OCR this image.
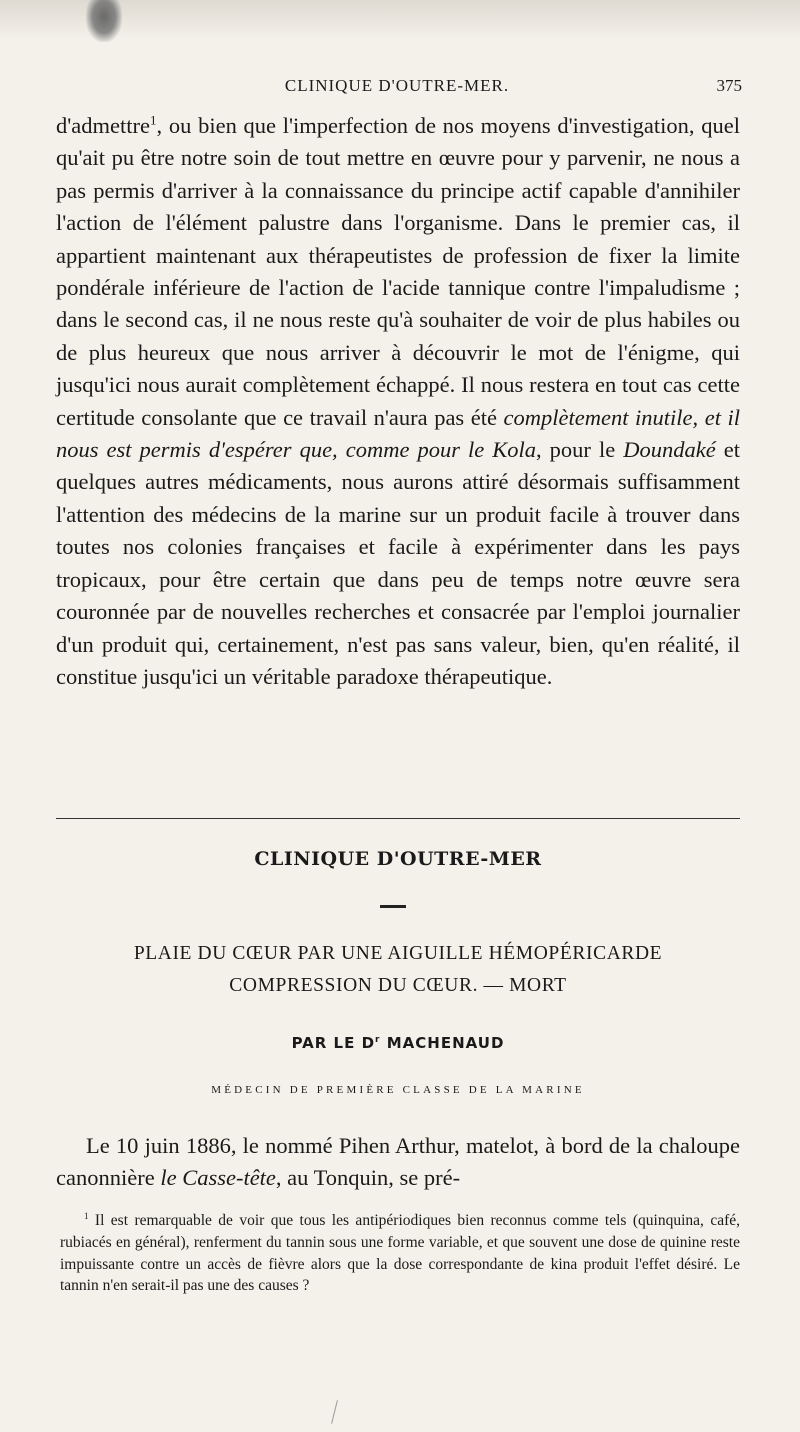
CLINIQUE D'OUTRE-MER.	375

d'admettre$^1$, ou bien que l'imperfection de nos moyens d'investigation, quel qu'ait pu être notre soin de tout mettre en œuvre pour y parvenir, ne nous a pas permis d'arriver à la connaissance du principe actif capable d'annihiler l'action de l'élément palustre dans l'organisme. Dans le premier cas, il appartient maintenant aux thérapeutistes de profession de fixer la limite pondérale inférieure de l'action de l'acide tannique contre l'impaludisme ; dans le second cas, il ne nous reste qu'à souhaiter de voir de plus habiles ou de plus heureux que nous arriver à découvrir le mot de l'énigme, qui jusqu'ici nous aurait complètement échappé. Il nous restera en tout cas cette certitude consolante que ce travail n'aura pas été complètement inutile, et il nous est permis d'espérer que, comme pour le Kola, pour le Doundaké et quelques autres médicaments, nous aurons attiré désormais suffisamment l'attention des médecins de la marine sur un produit facile à trouver dans toutes nos colonies françaises et facile à expérimenter dans les pays tropicaux, pour être certain que dans peu de temps notre œuvre sera couronnée par de nouvelles recherches et consacrée par l'emploi journalier d'un produit qui, certainement, n'est pas sans valeur, bien, qu'en réalité, il constitue jusqu'ici un véritable paradoxe thérapeutique.

CLINIQUE D'OUTRE-MER
PLAIE DU CŒUR PAR UNE AIGUILLE HÉMOPÉRICARDE
COMPRESSION DU CŒUR. — MORT
PAR LE $D^r$ MACHENAUD
MÉDECIN DE PREMIÈRE CLASSE DE LA MARINE
Le 10 juin 1886, le nommé Pihen Arthur, matelot, à bord de la chaloupe canonnière le Casse-tête, au Tonquin, se pré-
$^1$ Il est remarquable de voir que tous les antipériodiques bien reconnus comme tels (quinquina, café, rubiacés en général), renferment du tannin sous une forme variable, et que souvent une dose de quinine reste impuissante contre un accès de fièvre alors que la dose correspondante de kina produit l'effet désiré. Le tannin n'en serait-il pas une des causes ?
